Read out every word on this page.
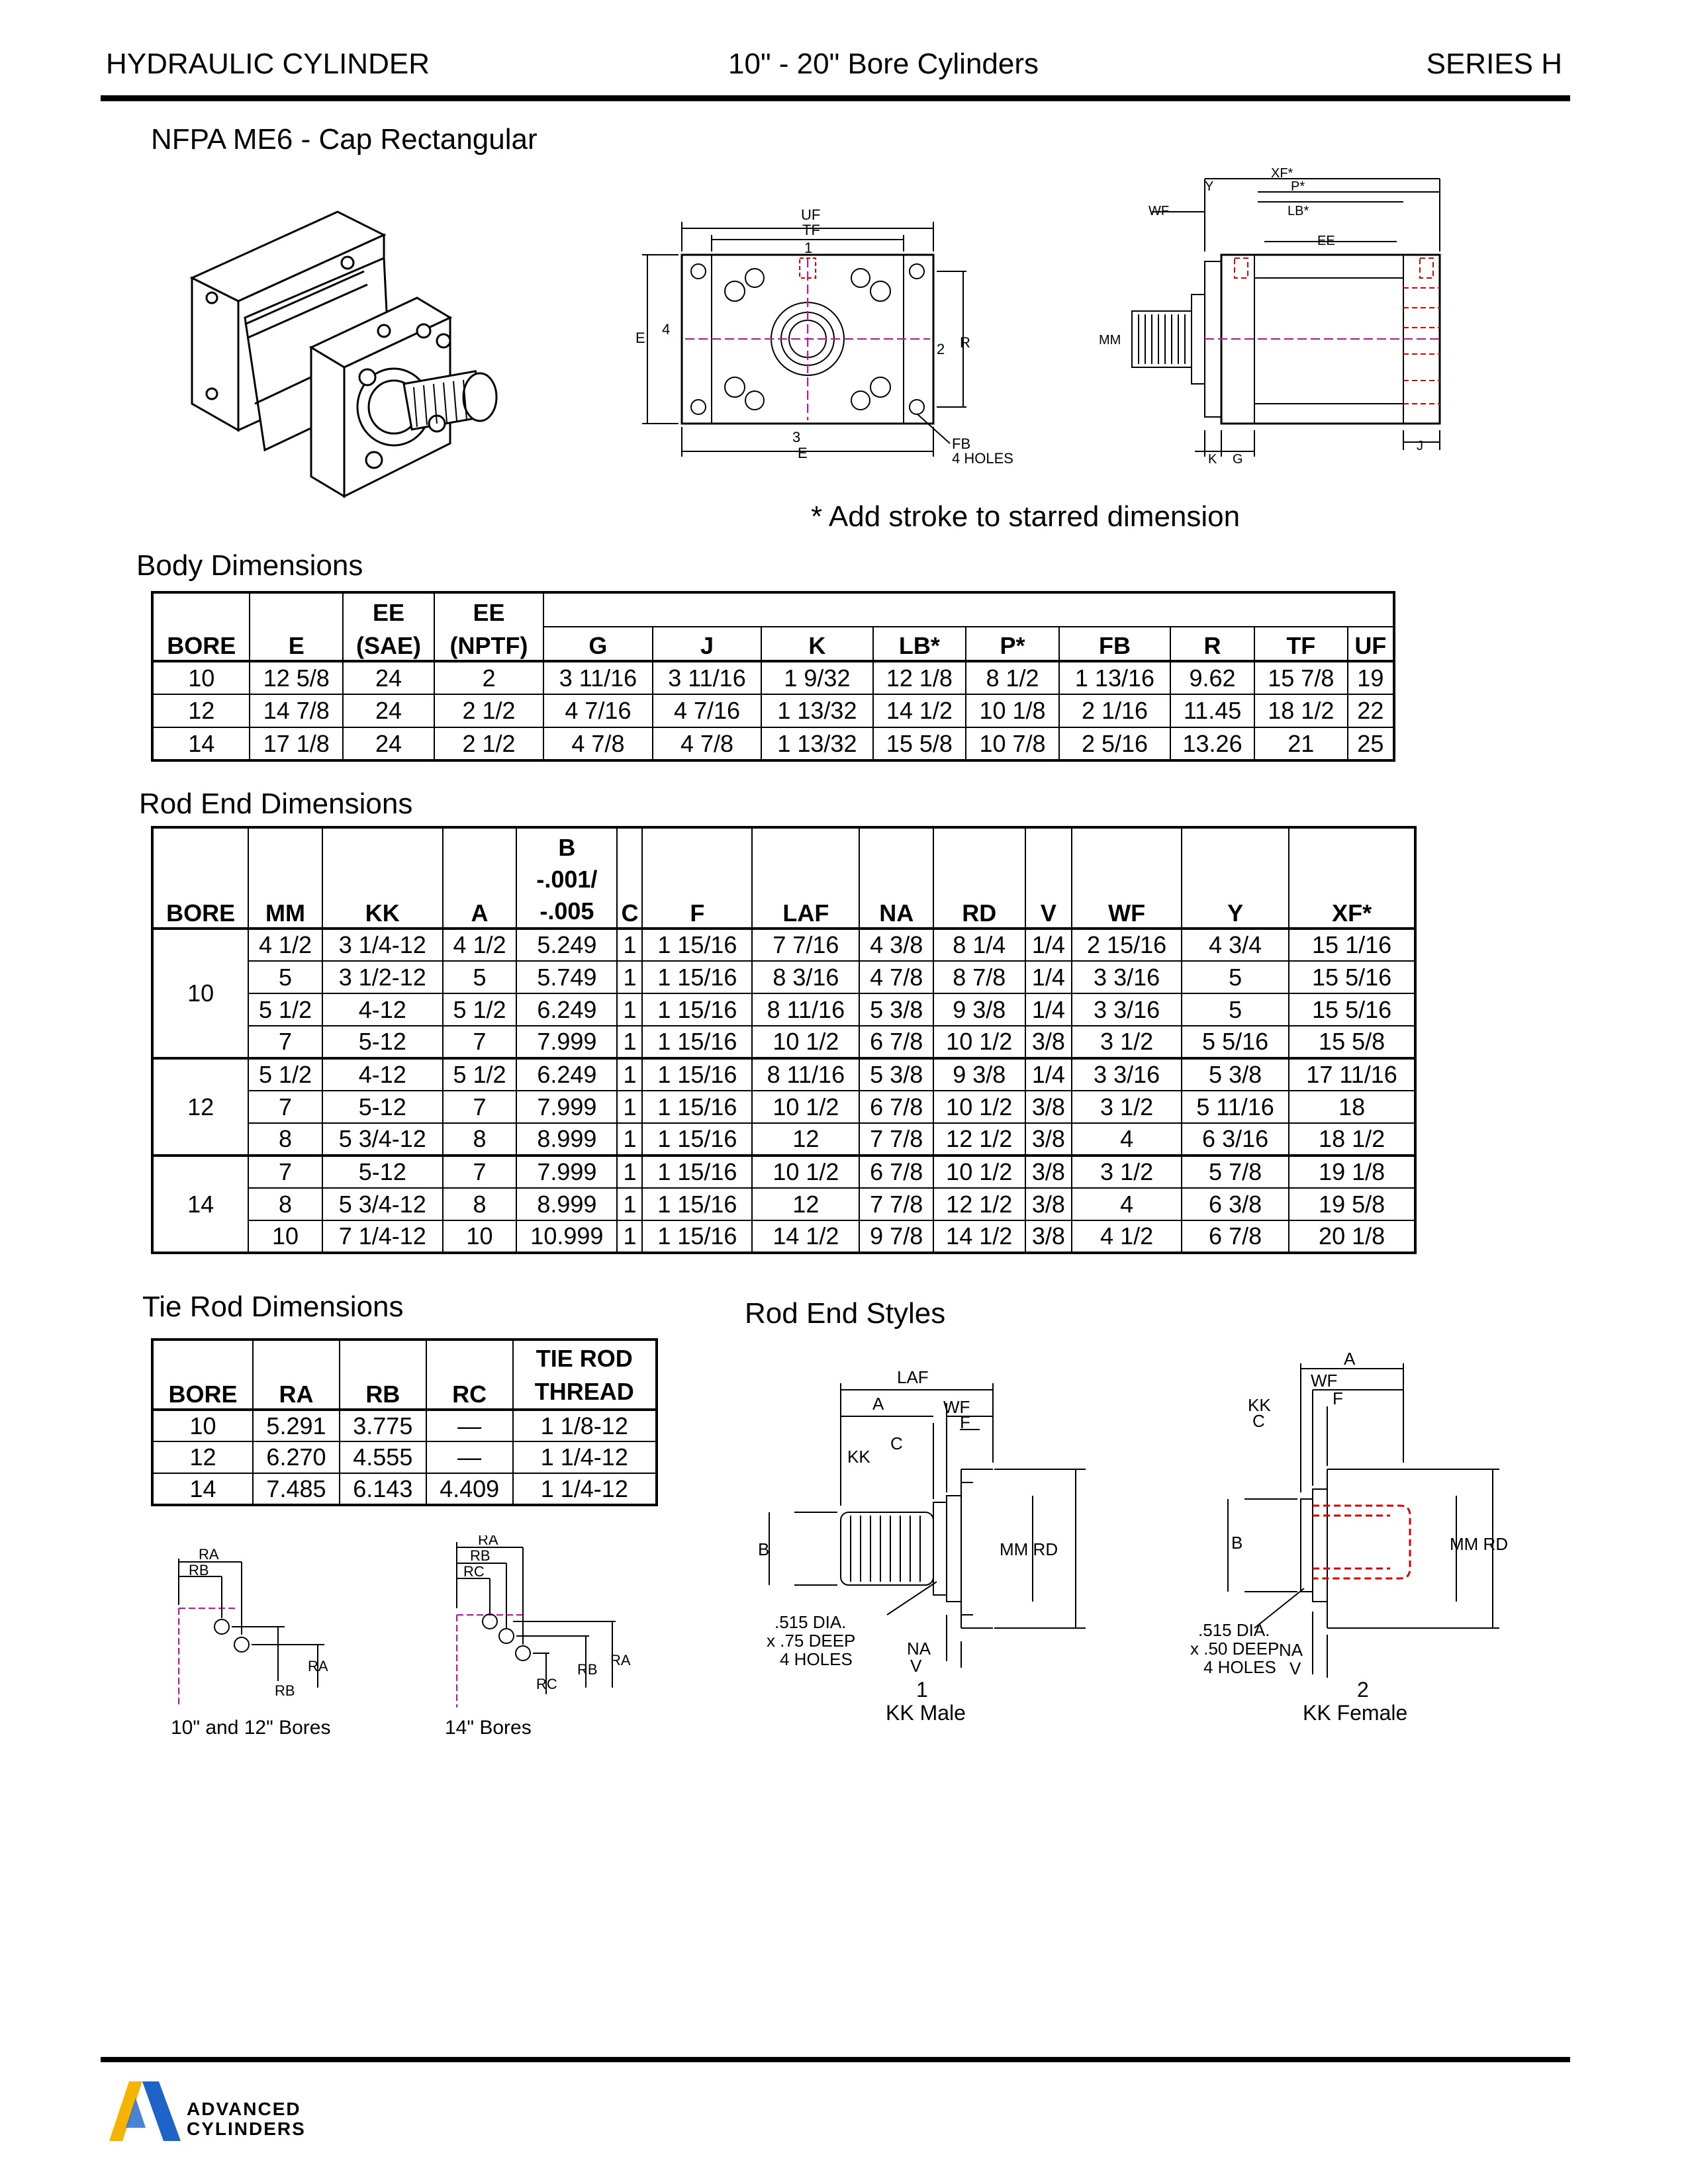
HYDRAULIC CYLINDER	10" - 20" Bore Cylinders	SERIES H
NFPA ME6 - Cap Rectangular
UF
TF
1
E
4
2 R
3
E
FB
4 HOLES
XF*
Y	P*
WF	LB*
EE
MM
K G
J
* Add stroke to starred dimension
Body Dimensions
		EE	EE									
BORE	E	(SAE)	(NPTF)	G	J	K	LB*	P*	FB	R	TF	UF
10	12 5/8	24	2	3 11/16	3 11/16	1 9/32	12 1/8	8 1/2	1 13/16	9.62	15 7/8	19
12	14 7/8	24	2 1/2	4 7/16	4 7/16	1 13/32	14 1/2	10 1/8	2 1/16	11.45	18 1/2	22
14	17 1/8	24	2 1/2	4 7/8	4 7/8	1 13/32	15 5/8	10 7/8	2 5/16	13.26	21	25
Rod End Dimensions
BORE	MM	KK	A	B
-.001/
-.005	C	F	LAF	NA	RD	V	WF	Y	XF*
10	4 1/2	3 1/4-12	4 1/2	5.249	1	1 15/16	7 7/16	4 3/8	8 1/4	1/4	2 15/16	4 3/4	15 1/16
	5	3 1/2-12	5	5.749	1	1 15/16	8 3/16	4 7/8	8 7/8	1/4	3 3/16	5	15 5/16
	5 1/2	4-12	5 1/2	6.249	1	1 15/16	8 11/16	5 3/8	9 3/8	1/4	3 3/16	5	15 5/16
	7	5-12	7	7.999	1	1 15/16	10 1/2	6 7/8	10 1/2	3/8	3 1/2	5 5/16	15 5/8
12	5 1/2	4-12	5 1/2	6.249	1	1 15/16	8 11/16	5 3/8	9 3/8	1/4	3 3/16	5 3/8	17 11/16
	7	5-12	7	7.999	1	1 15/16	10 1/2	6 7/8	10 1/2	3/8	3 1/2	5 11/16	18
	8	5 3/4-12	8	8.999	1	1 15/16	12	7 7/8	12 1/2	3/8	4	6 3/16	18 1/2
14	7	5-12	7	7.999	1	1 15/16	10 1/2	6 7/8	10 1/2	3/8	3 1/2	5 7/8	19 1/8
	8	5 3/4-12	8	8.999	1	1 15/16	12	7 7/8	12 1/2	3/8	4	6 3/8	19 5/8
	10	7 1/4-12	10	10.999	1	1 15/16	14 1/2	9 7/8	14 1/2	3/8	4 1/2	6 7/8	20 1/8
Tie Rod Dimensions
BORE	RA	RB	RC	TIE ROD
THREAD

10	5.291	3.775	—	1 1/8-12
12	6.270	4.555	—	1 1/4-12
14	7.485	6.143	4.409	1 1/4-12
RA
RB
RB
RA
10" and 12" Bores
RA
RB
RC
RB
RA
RC
14" Bores
Rod End Styles
LAF
A	WF
F
C
KK
B	MM RD
.515 DIA.
x .75 DEEP
4 HOLES
NA
V
1
KK Male
A
WF
KK
C
F
B	MM RD
.515 DIA.
x .50 DEEP
4 HOLES
NA
V
2
KK Female
ADVANCED
CYLINDERS
